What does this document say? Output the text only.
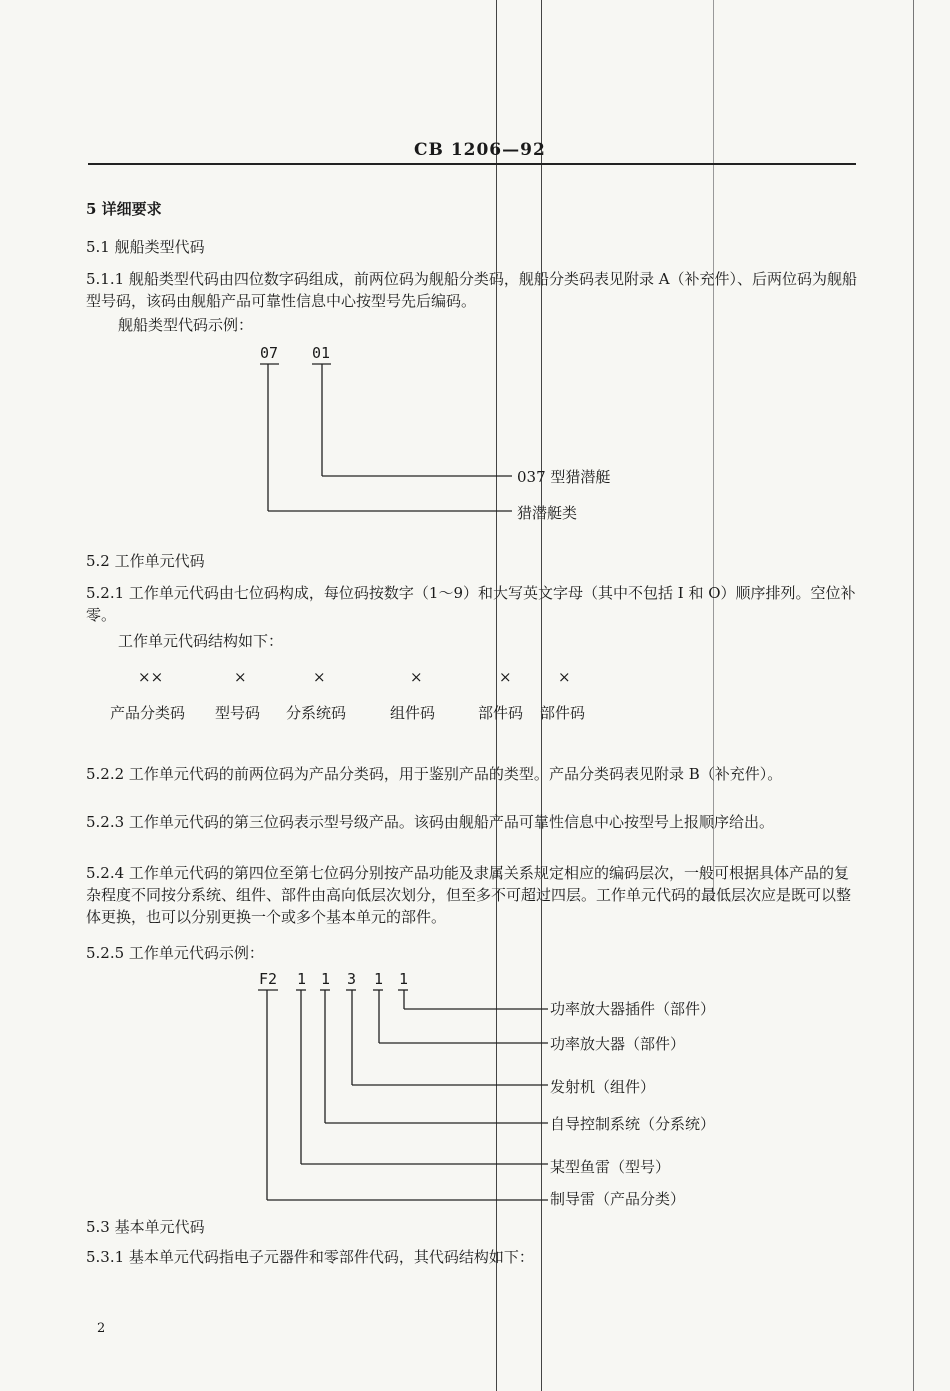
CB 1206—92
5 详细要求
5.1 舰船类型代码
5.1.1 舰船类型代码由四位数字码组成，前两位码为舰船分类码，舰船分类码表见附录 A（补充件）、后两位码为舰船型号码，该码由舰船产品可靠性信息中心按型号先后编码。
舰船类型代码示例：
07 01
037 型猎潜艇
猎潜艇类
5.2 工作单元代码
5.2.1 工作单元代码由七位码构成，每位码按数字（1～9）和大写英文字母（其中不包括 I 和 O）顺序排列。空位补零。
工作单元代码结构如下：
××	×	×	×	×	×
产品分类码 型号码 分系统码	组件码	部件码 部件码
5.2.2 工作单元代码的前两位码为产品分类码，用于鉴别产品的类型。产品分类码表见附录 B（补充件）。
5.2.3 工作单元代码的第三位码表示型号级产品。该码由舰船产品可靠性信息中心按型号上报顺序给出。
5.2.4 工作单元代码的第四位至第七位码分别按产品功能及隶属关系规定相应的编码层次，一般可根据具体产品的复杂程度不同按分系统、组件、部件由高向低层次划分，但至多不可超过四层。工作单元代码的最低层次应是既可以整体更换，也可以分别更换一个或多个基本单元的部件。
5.2.5 工作单元代码示例：
F2 1 1 3 1 1
功率放大器插件（部件）
功率放大器（部件）
发射机（组件）
自导控制系统（分系统）
某型鱼雷（型号）
制导雷（产品分类）
5.3 基本单元代码
5.3.1 基本单元代码指电子元器件和零部件代码，其代码结构如下：
2
